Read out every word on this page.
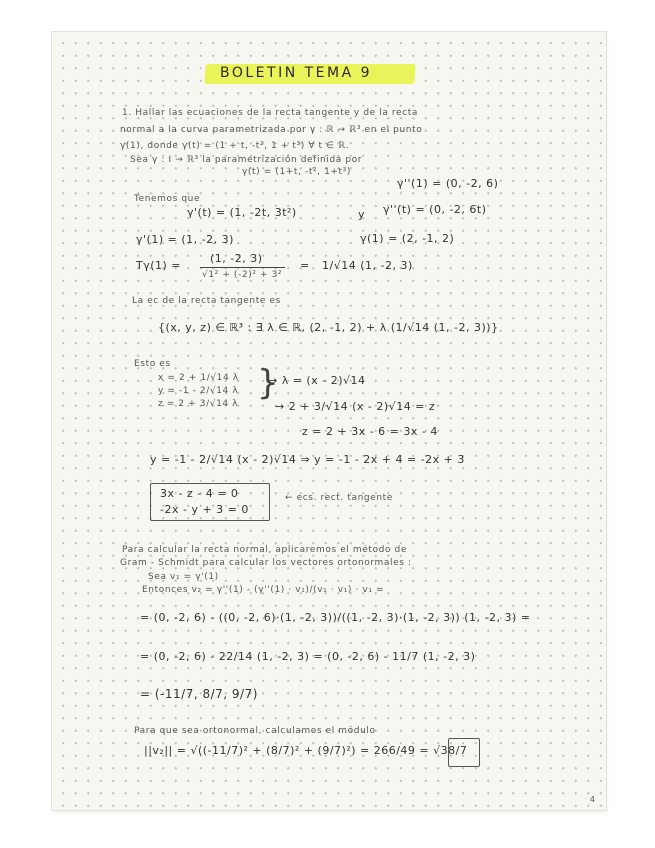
BOLETIN TEMA 9
1. Hallar las ecuaciones de la recta tangente y de la recta
normal a la curva parametrizada por γ : ℝ → ℝ³ en el punto
γ(1), donde γ(t) = (1 + t, -t², 1 + t³) ∀ t ∈ ℝ.
Sea γ : I → ℝ³ la parametrización definida por
γ(t) = (1+t, -t², 1+t³)
γ''(1) = (0, -2, 6)
Tenemos que
γ'(t) = (1, -2t, 3t²)	y γ''(t) = (0, -2, 6t)
γ'(1) = (1, -2, 3)	γ(1) = (2, -1, 2)
Tγ(1) =
(1, -2, 3)
√1² + (-2)² + 3²
= 1/√14 (1, -2, 3)
La ec de la recta tangente es
{(x, y, z) ∈ ℝ³ : ∃ λ ∈ ℝ, (2, -1, 2) + λ (1/√14 (1, -2, 3))}
Esto es
x = 2 + 1/√14 λ
y = -1 - 2/√14 λ
z = 2 + 3/√14 λ
}
→ λ = (x - 2)√14
→ 2 + 3/√14 (x - 2)√14 = z
z = 2 + 3x - 6 = 3x - 4
y = -1 - 2/√14 (x - 2)√14 ⇒ y = -1 - 2x + 4 = -2x + 3
3x - z - 4 = 0
-2x - y + 3 = 0
← ecs. rect. tangente
Para calcular la recta normal, aplicaremos el método de
Gram - Schmidt para calcular los vectores ortonormales :
Sea v₁ = γ'(1)
Entonces v₂ = γ''(1) - (γ''(1) · v₁)/(v₁ · v₁) · v₁ =
= (0, -2, 6) - ((0, -2, 6)·(1, -2, 3))/((1, -2, 3)·(1, -2, 3)) (1, -2, 3) =
= (0, -2, 6) - 22/14 (1, -2, 3) = (0, -2, 6) - 11/7 (1, -2, 3)
= (-11/7, 8/7, 9/7)
Para que sea ortonormal, calculamos el módulo
||v₂|| = √((-11/7)² + (8/7)² + (9/7)²) = 266/49 = √38/7
4
